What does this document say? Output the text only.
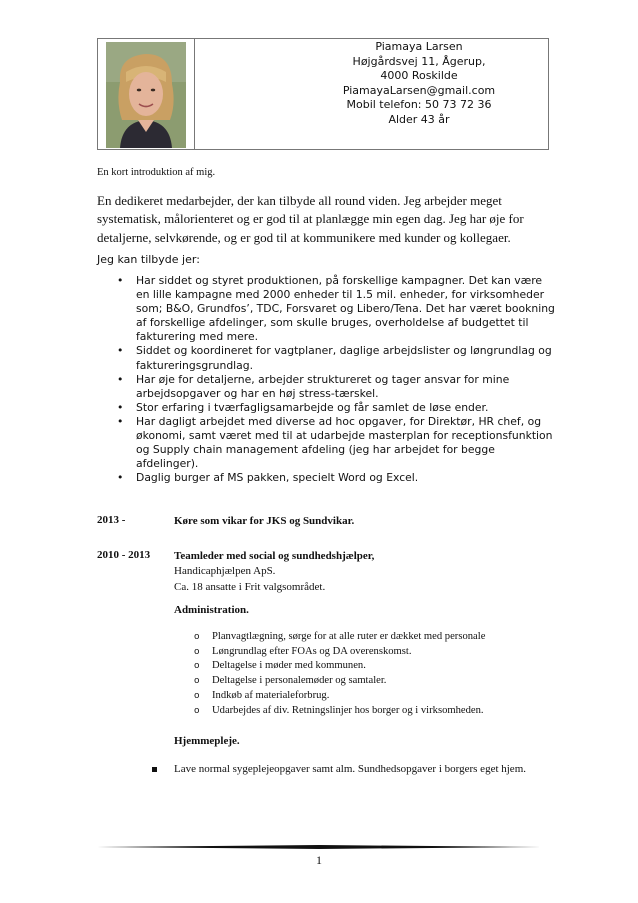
Piamaya Larsen
Højgårdsvej 11, Ågerup,
4000 Roskilde
PiamayaLarsen@gmail.com
Mobil telefon: 50 73 72 36
Alder 43 år
En kort introduktion af mig.
En dedikeret medarbejder, der kan tilbyde all round viden. Jeg arbejder meget systematisk, målorienteret og er god til at planlægge min egen dag. Jeg har øje for detaljerne, selvkørende, og er god til at kommunikere med kunder og kollegaer.
Jeg kan tilbyde jer:
• Har siddet og styret produktionen, på forskellige kampagner. Det kan være en lille kampagne med 2000 enheder til 1.5 mil. enheder, for virksomheder som; B&O, Grundfos’, TDC, Forsvaret og Libero/Tena. Det har været bookning af forskellige afdelinger, som skulle bruges, overholdelse af budgettet til fakturering med mere.
• Siddet og koordineret for vagtplaner, daglige arbejdslister og løngrundlag og faktureringsgrundlag.
• Har øje for detaljerne, arbejder struktureret og tager ansvar for mine arbejdsopgaver og har en høj stress-tærskel.
• Stor erfaring i tværfagligsamarbejde og får samlet de løse ender.
• Har dagligt arbejdet med diverse ad hoc opgaver, for Direktør, HR chef, og økonomi, samt været med til at udarbejde masterplan for receptionsfunktion og Supply chain management afdeling (jeg har arbejdet for begge afdelinger).
• Daglig burger af MS pakken, specielt Word og Excel.
2013 -	Køre som vikar for JKS og Sundvikar.
2010 - 2013 Teamleder med social og sundhedshjælper,
Handicaphjælpen ApS.
Ca. 18 ansatte i Frit valgsområdet.
Administration.
o Planvagtlægning, sørge for at alle ruter er dækket med personale
o Løngrundlag efter FOAs og DA overenskomst.
o Deltagelse i møder med kommunen.
o Deltagelse i personalemøder og samtaler.
o Indkøb af materialeforbrug.
o Udarbejdes af div. Retningslinjer hos borger og i virksomheden.
Hjemmepleje.
Lave normal sygeplejeopgaver samt alm. Sundhedsopgaver i borgers eget hjem.
1
